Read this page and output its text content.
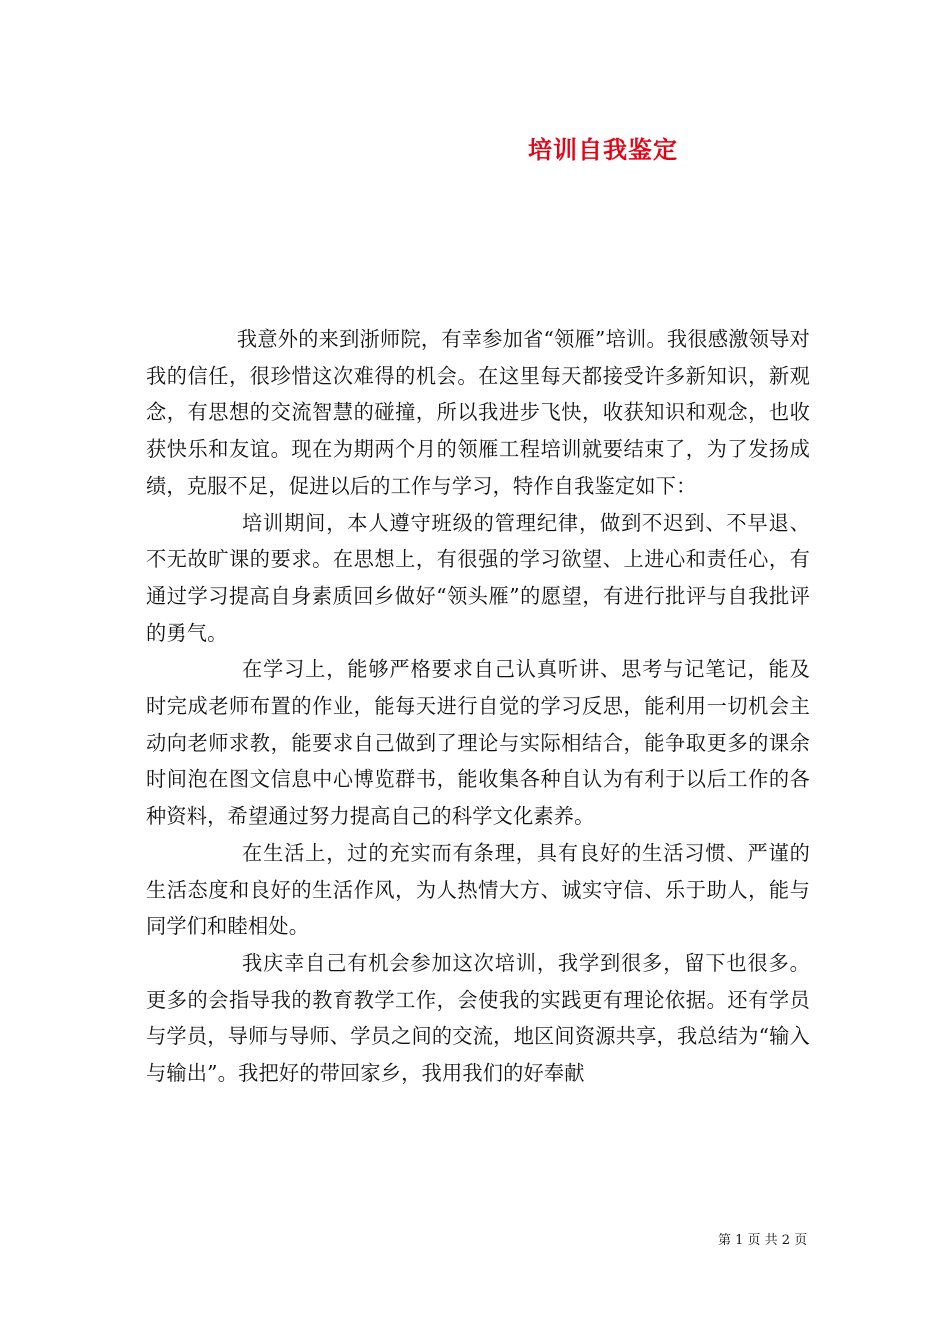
培训自我鉴定

我意外的来到浙师院，有幸参加省“领雁”培训。我很感激领导对我的信任，很珍惜这次难得的机会。在这里每天都接受许多新知识，新观念，有思想的交流智慧的碰撞，所以我进步飞快，收获知识和观念，也收获快乐和友谊。现在为期两个月的领雁工程培训就要结束了，为了发扬成绩，克服不足，促进以后的工作与学习，特作自我鉴定如下：

培训期间，本人遵守班级的管理纪律，做到不迟到、不早退、不无故旷课的要求。在思想上，有很强的学习欲望、上进心和责任心，有通过学习提高自身素质回乡做好“领头雁”的愿望，有进行批评与自我批评的勇气。

在学习上，能够严格要求自己认真听讲、思考与记笔记，能及时完成老师布置的作业，能每天进行自觉的学习反思，能利用一切机会主动向老师求教，能要求自己做到了理论与实际相结合，能争取更多的课余时间泡在图文信息中心博览群书，能收集各种自认为有利于以后工作的各种资料，希望通过努力提高自己的科学文化素养。

在生活上，过的充实而有条理，具有良好的生活习惯、严谨的生活态度和良好的生活作风，为人热情大方、诚实守信、乐于助人，能与同学们和睦相处。

我庆幸自己有机会参加这次培训，我学到很多，留下也很多。更多的会指导我的教育教学工作，会使我的实践更有理论依据。还有学员与学员，导师与导师、学员之间的交流，地区间资源共享，我总结为“输入与输出”。我把好的带回家乡，我用我们的好奉献

第 1 页 共 2 页
